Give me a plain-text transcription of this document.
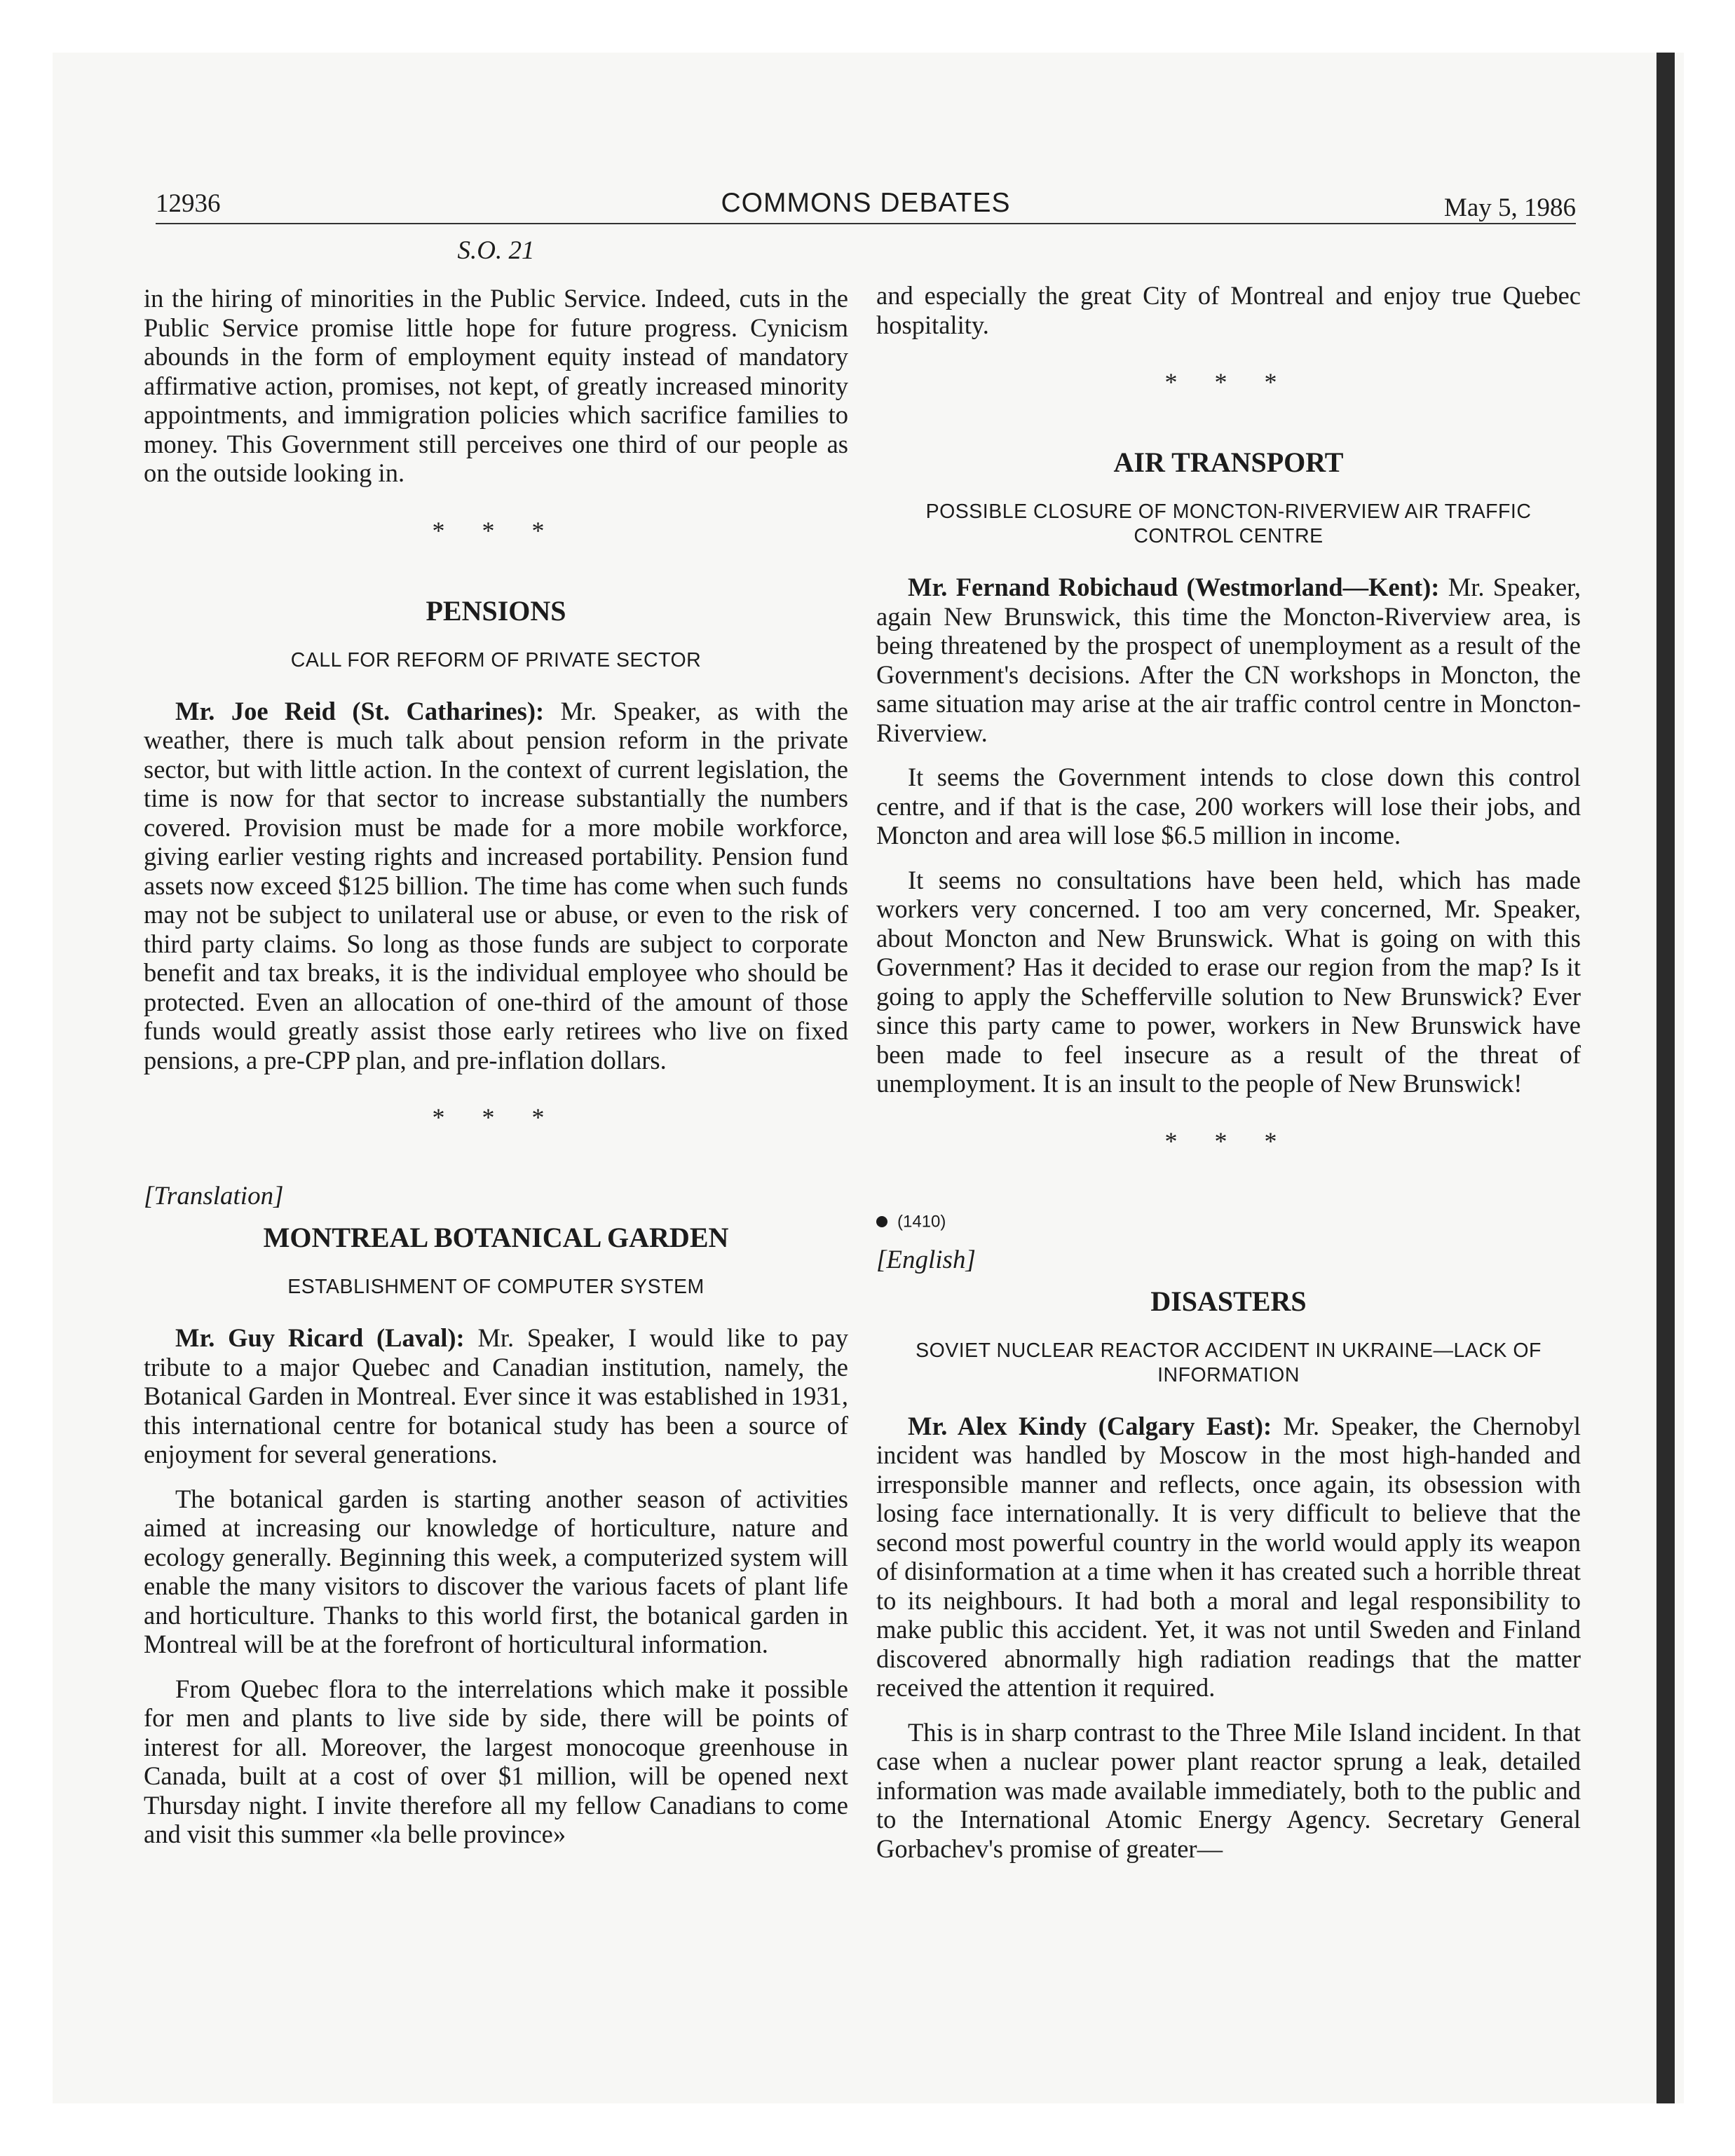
12936	COMMONS DEBATES	May 5, 1986
S.O. 21

in the hiring of minorities in the Public Service. Indeed, cuts in the Public Service promise little hope for future progress. Cynicism abounds in the form of employment equity instead of mandatory affirmative action, promises, not kept, of greatly increased minority appointments, and immigration policies which sacrifice families to money. This Government still perceives one third of our people as on the outside looking in.

* * *
PENSIONS
CALL FOR REFORM OF PRIVATE SECTOR

Mr. Joe Reid (St. Catharines): Mr. Speaker, as with the weather, there is much talk about pension reform in the private sector, but with little action. In the context of current legislation, the time is now for that sector to increase substantially the numbers covered. Provision must be made for a more mobile workforce, giving earlier vesting rights and increased portability. Pension fund assets now exceed $125 billion. The time has come when such funds may not be subject to unilateral use or abuse, or even to the risk of third party claims. So long as those funds are subject to corporate benefit and tax breaks, it is the individual employee who should be protected. Even an allocation of one-third of the amount of those funds would greatly assist those early retirees who live on fixed pensions, a pre-CPP plan, and pre-inflation dollars.

* * *
[Translation]
MONTREAL BOTANICAL GARDEN
ESTABLISHMENT OF COMPUTER SYSTEM

Mr. Guy Ricard (Laval): Mr. Speaker, I would like to pay tribute to a major Quebec and Canadian institution, namely, the Botanical Garden in Montreal. Ever since it was established in 1931, this international centre for botanical study has been a source of enjoyment for several generations.

The botanical garden is starting another season of activities aimed at increasing our knowledge of horticulture, nature and ecology generally. Beginning this week, a computerized system will enable the many visitors to discover the various facets of plant life and horticulture. Thanks to this world first, the botanical garden in Montreal will be at the forefront of horticultural information.

From Quebec flora to the interrelations which make it possible for men and plants to live side by side, there will be points of interest for all. Moreover, the largest monocoque greenhouse in Canada, built at a cost of over $1 million, will be opened next Thursday night. I invite therefore all my fellow Canadians to come and visit this summer «la belle province»

and especially the great City of Montreal and enjoy true Quebec hospitality.

* * *
AIR TRANSPORT
POSSIBLE CLOSURE OF MONCTON-RIVERVIEW AIR TRAFFIC CONTROL CENTRE

Mr. Fernand Robichaud (Westmorland—Kent): Mr. Speaker, again New Brunswick, this time the Moncton-Riverview area, is being threatened by the prospect of unemployment as a result of the Government's decisions. After the CN workshops in Moncton, the same situation may arise at the air traffic control centre in Moncton-Riverview.

It seems the Government intends to close down this control centre, and if that is the case, 200 workers will lose their jobs, and Moncton and area will lose $6.5 million in income.

It seems no consultations have been held, which has made workers very concerned. I too am very concerned, Mr. Speaker, about Moncton and New Brunswick. What is going on with this Government? Has it decided to erase our region from the map? Is it going to apply the Schefferville solution to New Brunswick? Ever since this party came to power, workers in New Brunswick have been made to feel insecure as a result of the threat of unemployment. It is an insult to the people of New Brunswick!

* * *
(1410)
[English]
DISASTERS
SOVIET NUCLEAR REACTOR ACCIDENT IN UKRAINE—LACK OF INFORMATION

Mr. Alex Kindy (Calgary East): Mr. Speaker, the Chernobyl incident was handled by Moscow in the most high-handed and irresponsible manner and reflects, once again, its obsession with losing face internationally. It is very difficult to believe that the second most powerful country in the world would apply its weapon of disinformation at a time when it has created such a horrible threat to its neighbours. It had both a moral and legal responsibility to make public this accident. Yet, it was not until Sweden and Finland discovered abnormally high radiation readings that the matter received the attention it required.

This is in sharp contrast to the Three Mile Island incident. In that case when a nuclear power plant reactor sprung a leak, detailed information was made available immediately, both to the public and to the International Atomic Energy Agency. Secretary General Gorbachev's promise of greater—
